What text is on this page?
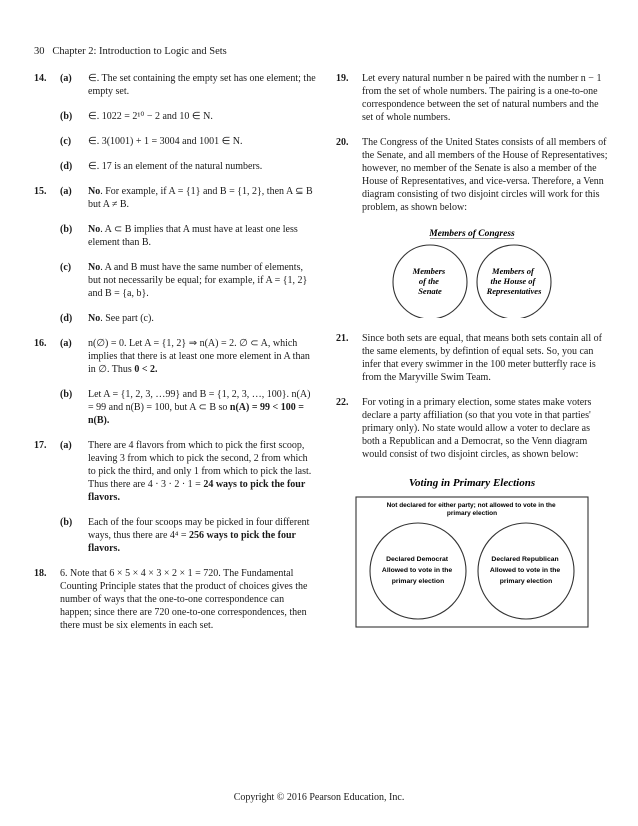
30 Chapter 2: Introduction to Logic and Sets
14. (a) ∈. The set containing the empty set has one element; the empty set.
(b) ∈. 1022 = 2¹⁰ − 2 and 10 ∈ N.
(c) ∈. 3(1001) + 1 = 3004 and 1001 ∈ N.
(d) ∈. 17 is an element of the natural numbers.
15. (a) No. For example, if A = {1} and B = {1, 2}, then A ⊆ B but A ≠ B.
(b) No. A ⊂ B implies that A must have at least one less element than B.
(c) No. A and B must have the same number of elements, but not necessarily be equal; for example, if A = {1, 2} and B = {a, b}.
(d) No. See part (c).
16. (a) n(∅) = 0. Let A = {1, 2} ⇒ n(A) = 2. ∅ ⊂ A, which implies that there is at least one more element in A than in ∅. Thus 0 < 2.
(b) Let A = {1, 2, 3, …99} and B = {1, 2, 3, …, 100}. n(A) = 99 and n(B) = 100, but A ⊂ B so n(A) = 99 < 100 = n(B).
17. (a) There are 4 flavors from which to pick the first scoop, leaving 3 from which to pick the second, 2 from which to pick the third, and only 1 from which to pick the last. Thus there are 4 · 3 · 2 · 1 = 24 ways to pick the four flavors.
(b) Each of the four scoops may be picked in four different ways, thus there are 4⁴ = 256 ways to pick the four flavors.
18. 6. Note that 6 × 5 × 4 × 3 × 2 × 1 = 720. The Fundamental Counting Principle states that the product of choices gives the number of ways that the one-to-one correspondence can happen; since there are 720 one-to-one correspondences, then there must be six elements in each set.
19. Let every natural number n be paired with the number n − 1 from the set of whole numbers. The pairing is a one-to-one correspondence between the set of natural numbers and the set of whole numbers.
20. The Congress of the United States consists of all members of the Senate, and all members of the House of Representatives; however, no member of the Senate is also a member of the House of Representatives, and vice-versa. Therefore, a Venn diagram consisting of two disjoint circles will work for this problem, as shown below:
Members of Congress
Members of the Senate
Members of the House of Representatives
21. Since both sets are equal, that means both sets contain all of the same elements, by defintion of equal sets. So, you can infer that every swimmer in the 100 meter butterfly race is from the Maryville Swim Team.
22. For voting in a primary election, some states make voters declare a party affiliation (so that you vote in that parties' primary only). No state would allow a voter to declare as both a Republican and a Democrat, so the Venn diagram would consist of two disjoint circles, as shown below:
Voting in Primary Elections
Not declared for either party; not allowed to vote in the primary election
Declared Democrat Allowed to vote in the primary election
Declared Republican Allowed to vote in the primary election
Copyright © 2016 Pearson Education, Inc.
